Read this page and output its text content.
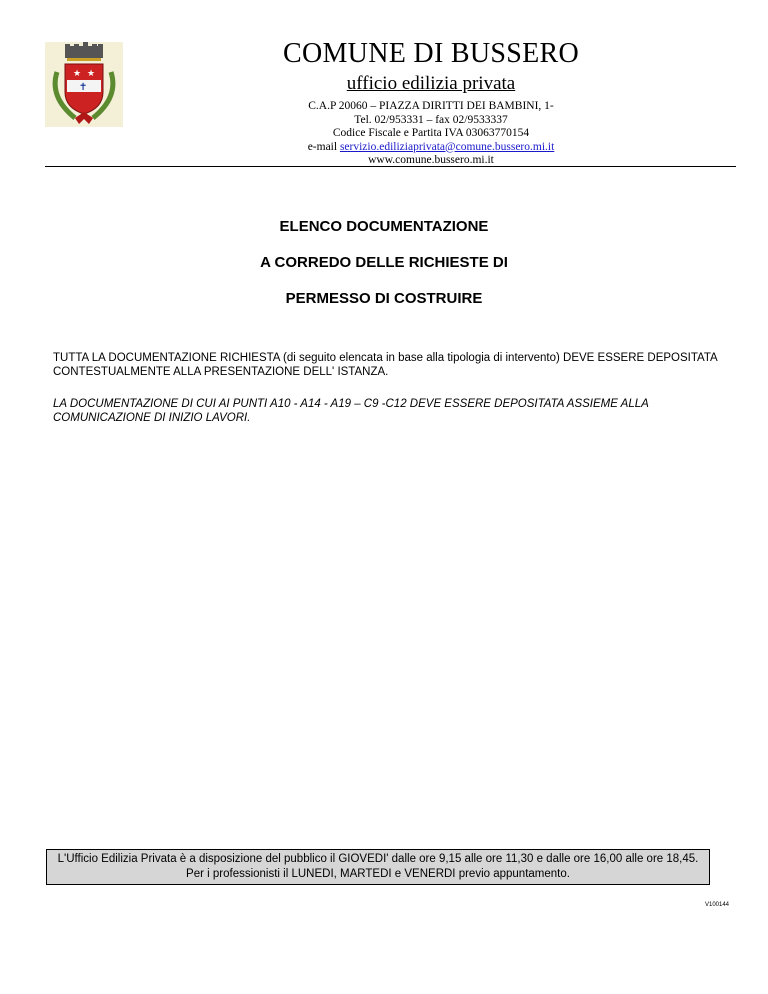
★ ★
✝
COMUNE DI BUSSERO
ufficio edilizia privata
C.A.P 20060 – PIAZZA DIRITTI DEI BAMBINI, 1-
Tel. 02/953331 – fax 02/9533337
Codice Fiscale e Partita IVA 03063770154
e-mail servizio.ediliziaprivata@comune.bussero.mi.it
www.comune.bussero.mi.it
ELENCO DOCUMENTAZIONE
A CORREDO DELLE RICHIESTE DI
PERMESSO DI COSTRUIRE
TUTTA LA DOCUMENTAZIONE RICHIESTA (di seguito elencata in base alla tipologia di intervento) DEVE ESSERE DEPOSITATA CONTESTUALMENTE ALLA PRESENTAZIONE DELL' ISTANZA.
LA DOCUMENTAZIONE DI CUI AI PUNTI A10 - A14 - A19 – C9 -C12 DEVE ESSERE DEPOSITATA ASSIEME ALLA COMUNICAZIONE DI INIZIO LAVORI.
L'Ufficio Edilizia Privata è a disposizione del pubblico il GIOVEDI' dalle ore 9,15 alle ore 11,30 e dalle ore 16,00 alle ore 18,45. Per i professionisti il LUNEDI, MARTEDI e VENERDI previo appuntamento.
V100144
